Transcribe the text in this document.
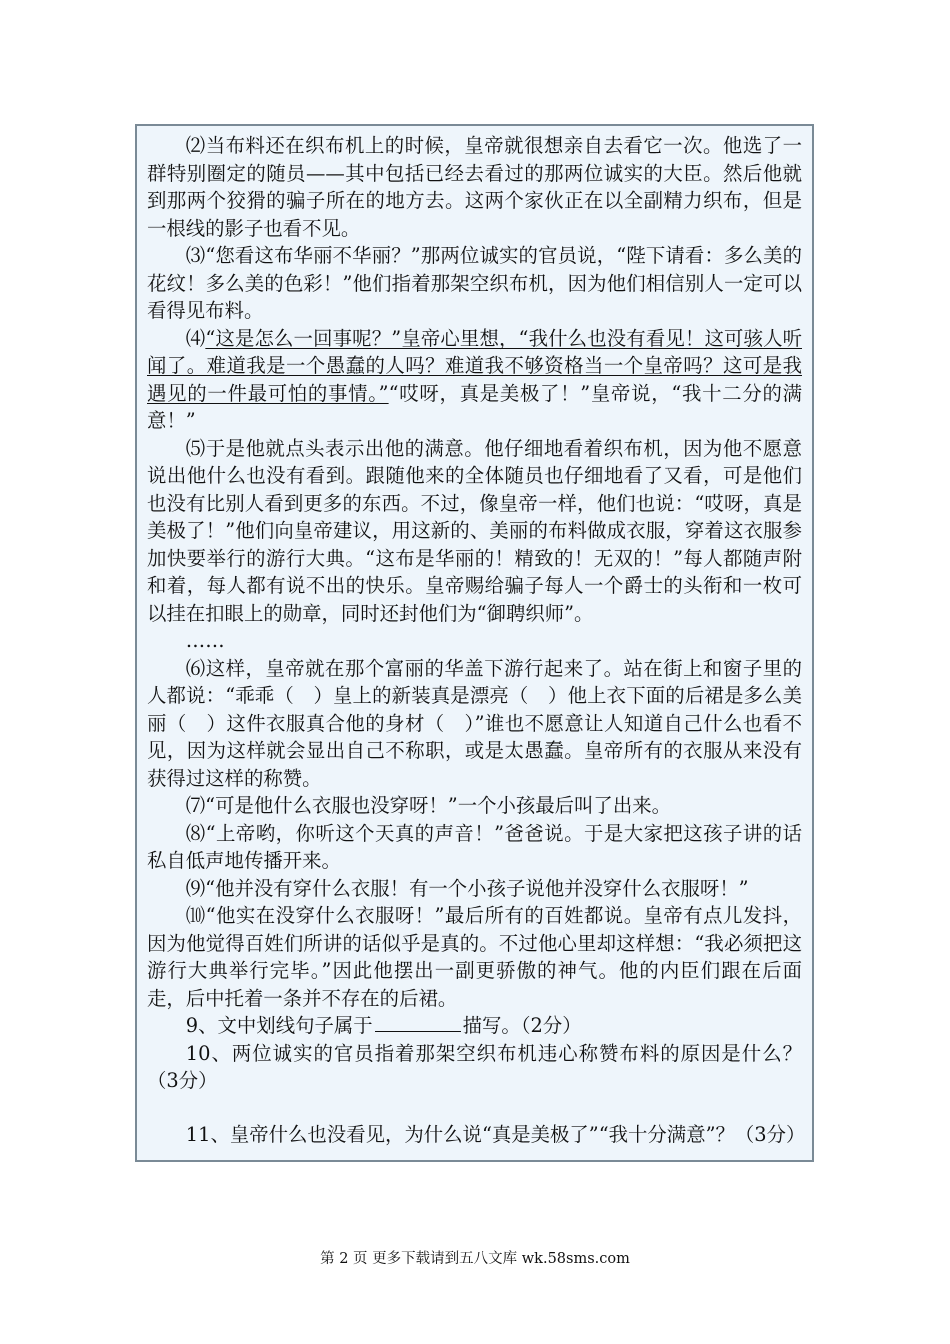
⑵当布料还在织布机上的时候，皇帝就很想亲自去看它一次。他选了一群特别圈定的随员——其中包括已经去看过的那两位诚实的大臣。然后他就到那两个狡猾的骗子所在的地方去。这两个家伙正在以全副精力织布，但是一根线的影子也看不见。

⑶“您看这布华丽不华丽？”那两位诚实的官员说，“陛下请看：多么美的花纹！多么美的色彩！”他们指着那架空织布机，因为他们相信别人一定可以看得见布料。

⑷“这是怎么一回事呢？”皇帝心里想，“我什么也没有看见！这可骇人听闻了。难道我是一个愚蠢的人吗？难道我不够资格当一个皇帝吗？这可是我遇见的一件最可怕的事情。”“哎呀，真是美极了！”皇帝说，“我十二分的满意！”

⑸于是他就点头表示出他的满意。他仔细地看着织布机，因为他不愿意说出他什么也没有看到。跟随他来的全体随员也仔细地看了又看，可是他们也没有比别人看到更多的东西。不过，像皇帝一样，他们也说：“哎呀，真是美极了！”他们向皇帝建议，用这新的、美丽的布料做成衣服，穿着这衣服参加快要举行的游行大典。“这布是华丽的！精致的！无双的！”每人都随声附和着，每人都有说不出的快乐。皇帝赐给骗子每人一个爵士的头衔和一枚可以挂在扣眼上的勋章，同时还封他们为“御聘织师”。

……

⑹这样，皇帝就在那个富丽的华盖下游行起来了。站在街上和窗子里的人都说：“乖乖（　）皇上的新装真是漂亮（　）他上衣下面的后裙是多么美丽（　）这件衣服真合他的身材（　）”谁也不愿意让人知道自己什么也看不见，因为这样就会显出自己不称职，或是太愚蠢。皇帝所有的衣服从来没有获得过这样的称赞。

⑺“可是他什么衣服也没穿呀！”一个小孩最后叫了出来。

⑻“上帝哟，你听这个天真的声音！”爸爸说。于是大家把这孩子讲的话私自低声地传播开来。

⑼“他并没有穿什么衣服！有一个小孩子说他并没穿什么衣服呀！”

⑽“他实在没穿什么衣服呀！”最后所有的百姓都说。皇帝有点儿发抖，因为他觉得百姓们所讲的话似乎是真的。不过他心里却这样想：“我必须把这游行大典举行完毕。”因此他摆出一副更骄傲的神气。他的内臣们跟在后面走，后中托着一条并不存在的后裙。

9、文中划线句子属于	描写。（2分）

10、两位诚实的官员指着那架空织布机违心称赞布料的原因是什么？（3分）

11、皇帝什么也没看见，为什么说“真是美极了”“我十分满意”？（3分）

第 2 页 更多下载请到五八文库 wk.58sms.com
